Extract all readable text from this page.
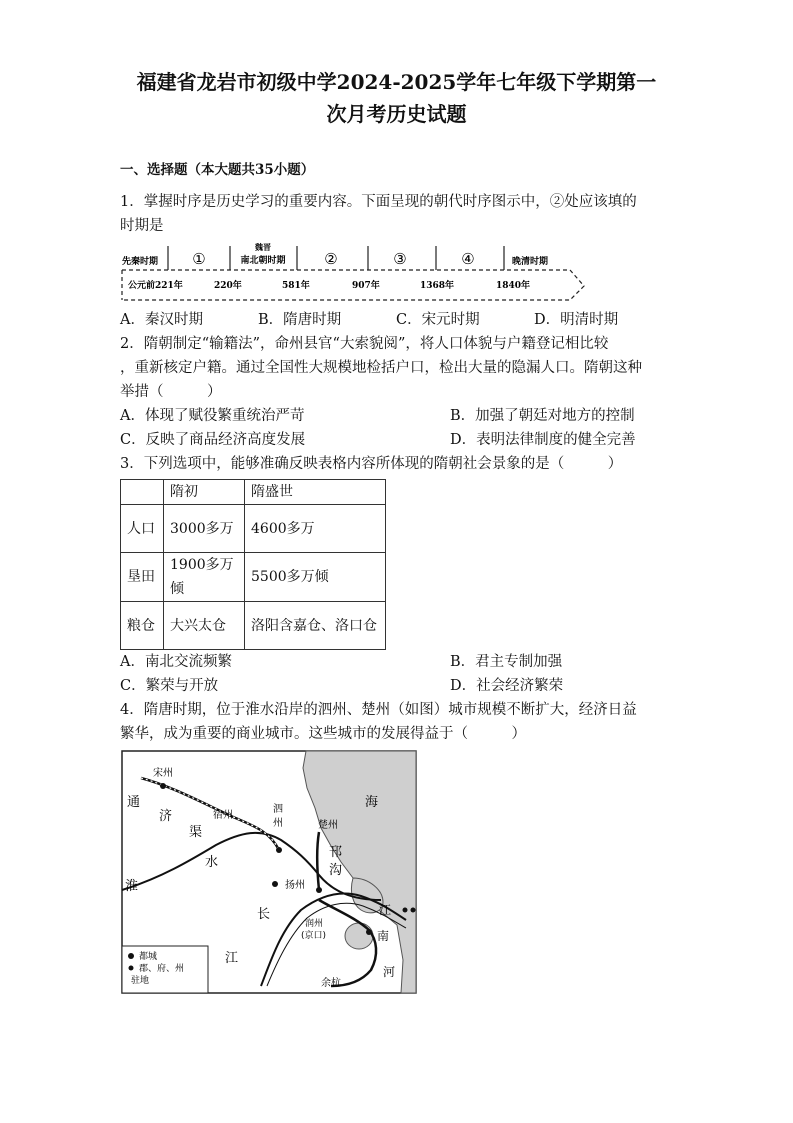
福建省龙岩市初级中学2024-2025学年七年级下学期第一
次月考历史试题
一、选择题（本大题共35小题）
1．掌握时序是历史学习的重要内容。下面呈现的朝代时序图示中，②处应该填的
时期是
先秦时期 ①
魏晋
南北朝时期	②	③	④	晚清时期
公元前221年	220年	581年	907年	1368年	1840年
A．秦汉时期	B．隋唐时期	C．宋元时期	D．明清时期
2．隋朝制定“输籍法”，命州县官“大索貌阅”，将人口体貌与户籍登记相比较
，重新核定户籍。通过全国性大规模地检括户口，检出大量的隐漏人口。隋朝这种
举措（　　　）
A．体现了赋役繁重统治严苛	B．加强了朝廷对地方的控制
C．反映了商品经济高度发展	D．表明法律制度的健全完善
3．下列选项中，能够准确反映表格内容所体现的隋朝社会景象的是（　　　）
	隋初	隋盛世
人口	3000多万	4600多万
垦田	1900多万倾	5500多万倾
粮仓	大兴太仓	洛阳含嘉仓、洛口仓
A．南北交流频繁	B．君主专制加强
C．繁荣与开放	D．社会经济繁荣
4．隋唐时期，位于淮水沿岸的泗州、楚州（如图）城市规模不断扩大，经济日益
繁华，成为重要的商业城市。这些城市的发展得益于（　　　）
宋州
通
济
渠
宿州
泗
州	楚州
海
水
淮
邗
沟
扬州
长
江
江
润州
(京口)	南
河
余杭
都城
郡、府、州
驻地
